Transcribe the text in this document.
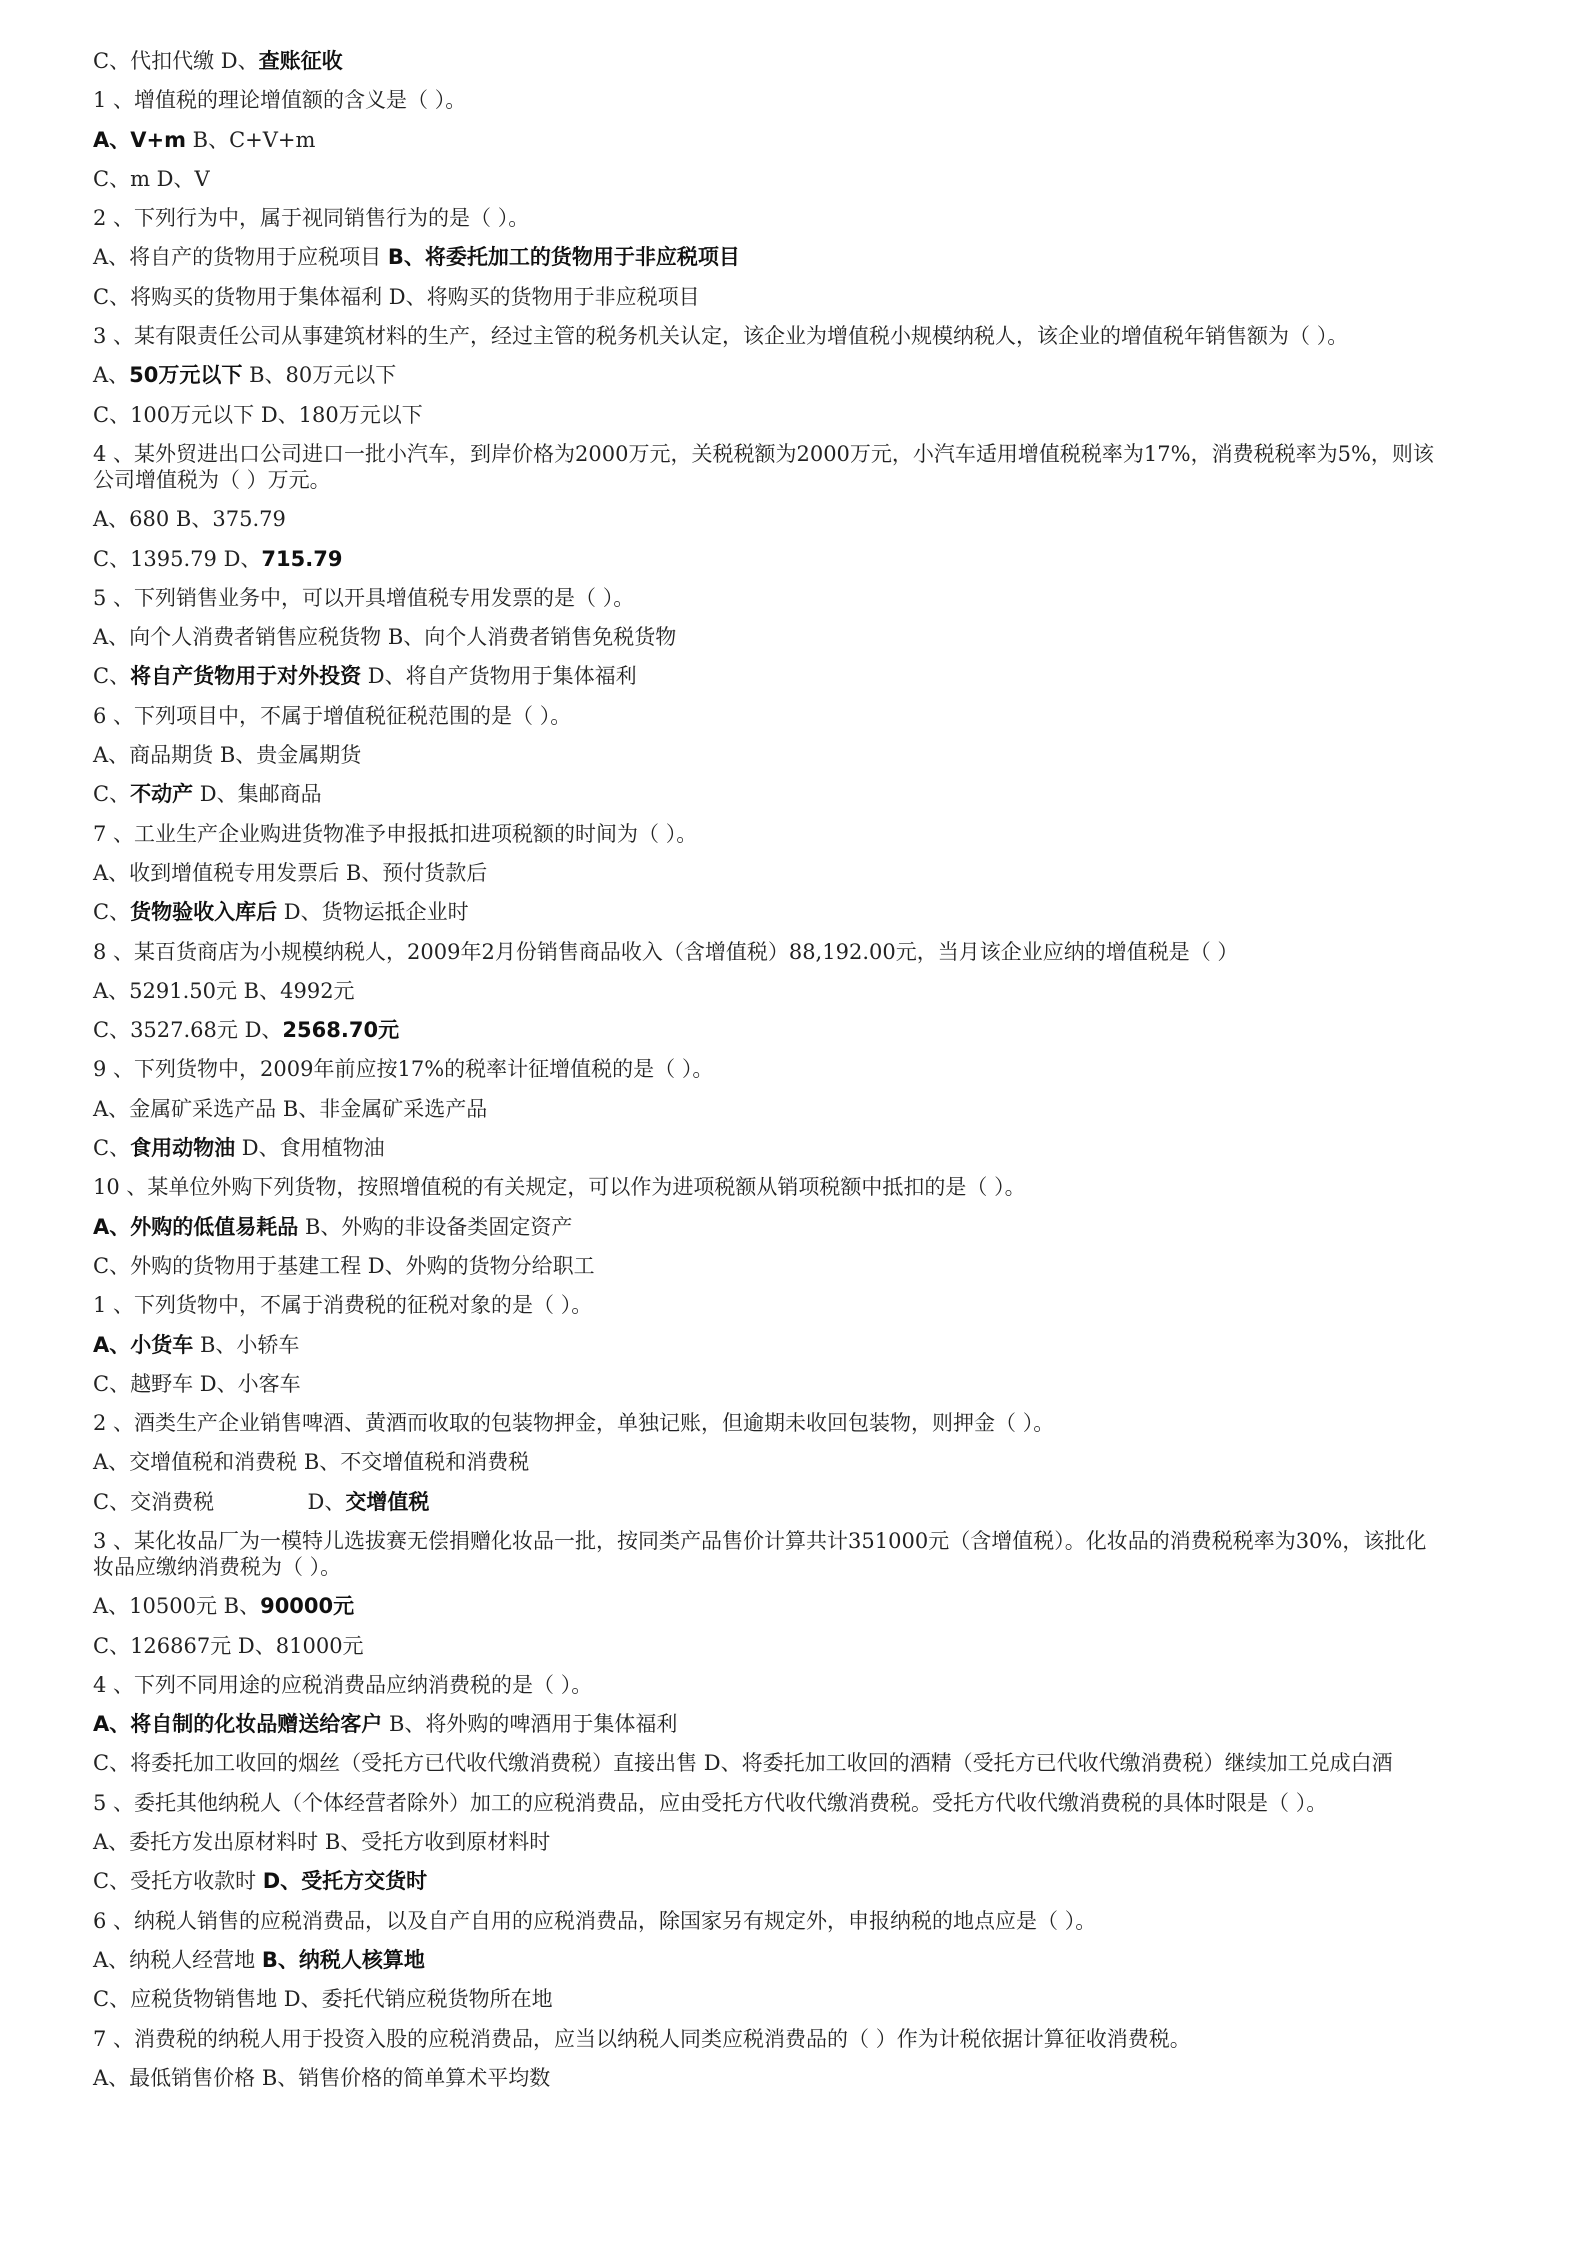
C、代扣代缴 D、查账征收
1 、增值税的理论增值额的含义是（ ）。
A、V+m B、C+V+m
C、m D、V
2 、下列行为中，属于视同销售行为的是（ ）。
A、将自产的货物用于应税项目 B、将委托加工的货物用于非应税项目
C、将购买的货物用于集体福利 D、将购买的货物用于非应税项目
3 、某有限责任公司从事建筑材料的生产，经过主管的税务机关认定，该企业为增值税小规模纳税人，该企业的增值税年销售额为（ ）。
A、50万元以下 B、80万元以下
C、100万元以下 D、180万元以下
4 、某外贸进出口公司进口一批小汽车，到岸价格为2000万元，关税税额为2000万元，小汽车适用增值税税率为17%，消费税税率为5%，则该公司增值税为（ ）万元。
A、680 B、375.79
C、1395.79 D、715.79
5 、下列销售业务中，可以开具增值税专用发票的是（ ）。
A、向个人消费者销售应税货物 B、向个人消费者销售免税货物
C、将自产货物用于对外投资 D、将自产货物用于集体福利
6 、下列项目中，不属于增值税征税范围的是（ ）。
A、商品期货 B、贵金属期货
C、不动产 D、集邮商品
7 、工业生产企业购进货物准予申报抵扣进项税额的时间为（ ）。
A、收到增值税专用发票后 B、预付货款后
C、货物验收入库后 D、货物运抵企业时
8 、某百货商店为小规模纳税人，2009年2月份销售商品收入（含增值税）88,192.00元，当月该企业应纳的增值税是（ ）
A、5291.50元 B、4992元
C、3527.68元 D、2568.70元
9 、下列货物中，2009年前应按17%的税率计征增值税的是（ ）。
A、金属矿采选产品 B、非金属矿采选产品
C、食用动物油 D、食用植物油
10 、某单位外购下列货物，按照增值税的有关规定，可以作为进项税额从销项税额中抵扣的是（ ）。
A、外购的低值易耗品 B、外购的非设备类固定资产
C、外购的货物用于基建工程 D、外购的货物分给职工
1 、下列货物中，不属于消费税的征税对象的是（ ）。
A、小货车 B、小轿车
C、越野车 D、小客车
2 、酒类生产企业销售啤酒、黄酒而收取的包装物押金，单独记账，但逾期未收回包装物，则押金（ ）。
A、交增值税和消费税 B、不交增值税和消费税
C、交消费税              D、交增值税
3 、某化妆品厂为一模特儿选拔赛无偿捐赠化妆品一批，按同类产品售价计算共计351000元（含增值税）。化妆品的消费税税率为30%，该批化妆品应缴纳消费税为（ ）。
A、10500元 B、90000元
C、126867元 D、81000元
4 、下列不同用途的应税消费品应纳消费税的是（ ）。
A、将自制的化妆品赠送给客户 B、将外购的啤酒用于集体福利
C、将委托加工收回的烟丝（受托方已代收代缴消费税）直接出售 D、将委托加工收回的酒精（受托方已代收代缴消费税）继续加工兑成白酒
5 、委托其他纳税人（个体经营者除外）加工的应税消费品，应由受托方代收代缴消费税。受托方代收代缴消费税的具体时限是（ ）。
A、委托方发出原材料时 B、受托方收到原材料时
C、受托方收款时 D、受托方交货时
6 、纳税人销售的应税消费品，以及自产自用的应税消费品，除国家另有规定外，申报纳税的地点应是（ ）。
A、纳税人经营地 B、纳税人核算地
C、应税货物销售地 D、委托代销应税货物所在地
7 、消费税的纳税人用于投资入股的应税消费品，应当以纳税人同类应税消费品的（ ）作为计税依据计算征收消费税。
A、最低销售价格 B、销售价格的简单算术平均数
